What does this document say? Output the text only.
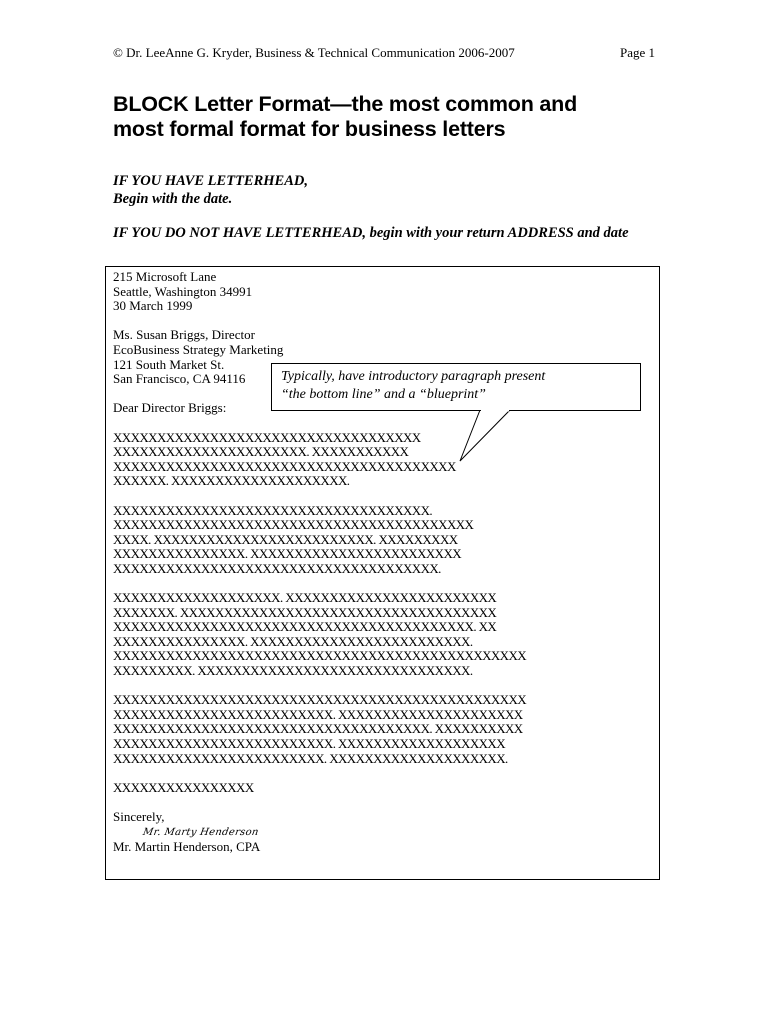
© Dr. LeeAnne G. Kryder, Business & Technical Communication 2006-2007	Page 1
BLOCK Letter Format—the most common and
most formal format for business letters
IF YOU HAVE LETTERHEAD,
Begin with the date.
IF YOU DO NOT HAVE LETTERHEAD, begin with your return ADDRESS and date

215 Microsoft Lane

Seattle, Washington 34991

30 March 1999

Ms. Susan Briggs, Director

EcoBusiness Strategy Marketing

121 South Market St.

San Francisco, CA 94116

Dear Director Briggs:

XXXXXXXXXXXXXXXXXXXXXXXXXXXXXXXXXXX

XXXXXXXXXXXXXXXXXXXXXX. XXXXXXXXXXX

XXXXXXXXXXXXXXXXXXXXXXXXXXXXXXXXXXXXXXX

XXXXXX. XXXXXXXXXXXXXXXXXXXX.

XXXXXXXXXXXXXXXXXXXXXXXXXXXXXXXXXXXX.

XXXXXXXXXXXXXXXXXXXXXXXXXXXXXXXXXXXXXXXXX

XXXX. XXXXXXXXXXXXXXXXXXXXXXXXX. XXXXXXXXX

XXXXXXXXXXXXXXX. XXXXXXXXXXXXXXXXXXXXXXXX

XXXXXXXXXXXXXXXXXXXXXXXXXXXXXXXXXXXXX.

XXXXXXXXXXXXXXXXXXX. XXXXXXXXXXXXXXXXXXXXXXXX

XXXXXXX. XXXXXXXXXXXXXXXXXXXXXXXXXXXXXXXXXXXX

XXXXXXXXXXXXXXXXXXXXXXXXXXXXXXXXXXXXXXXXX. XX

XXXXXXXXXXXXXXX. XXXXXXXXXXXXXXXXXXXXXXXXX.

XXXXXXXXXXXXXXXXXXXXXXXXXXXXXXXXXXXXXXXXXXXXXXX

XXXXXXXXX. XXXXXXXXXXXXXXXXXXXXXXXXXXXXXXX.

XXXXXXXXXXXXXXXXXXXXXXXXXXXXXXXXXXXXXXXXXXXXXXX

XXXXXXXXXXXXXXXXXXXXXXXXX. XXXXXXXXXXXXXXXXXXXXX

XXXXXXXXXXXXXXXXXXXXXXXXXXXXXXXXXXXX. XXXXXXXXXX

XXXXXXXXXXXXXXXXXXXXXXXXX. XXXXXXXXXXXXXXXXXXX

XXXXXXXXXXXXXXXXXXXXXXXX. XXXXXXXXXXXXXXXXXXXX.

XXXXXXXXXXXXXXXX

Sincerely,

Mr. Marty Henderson

Mr. Martin Henderson, CPA

Typically, have introductory paragraph present
“the bottom line” and a “blueprint”
